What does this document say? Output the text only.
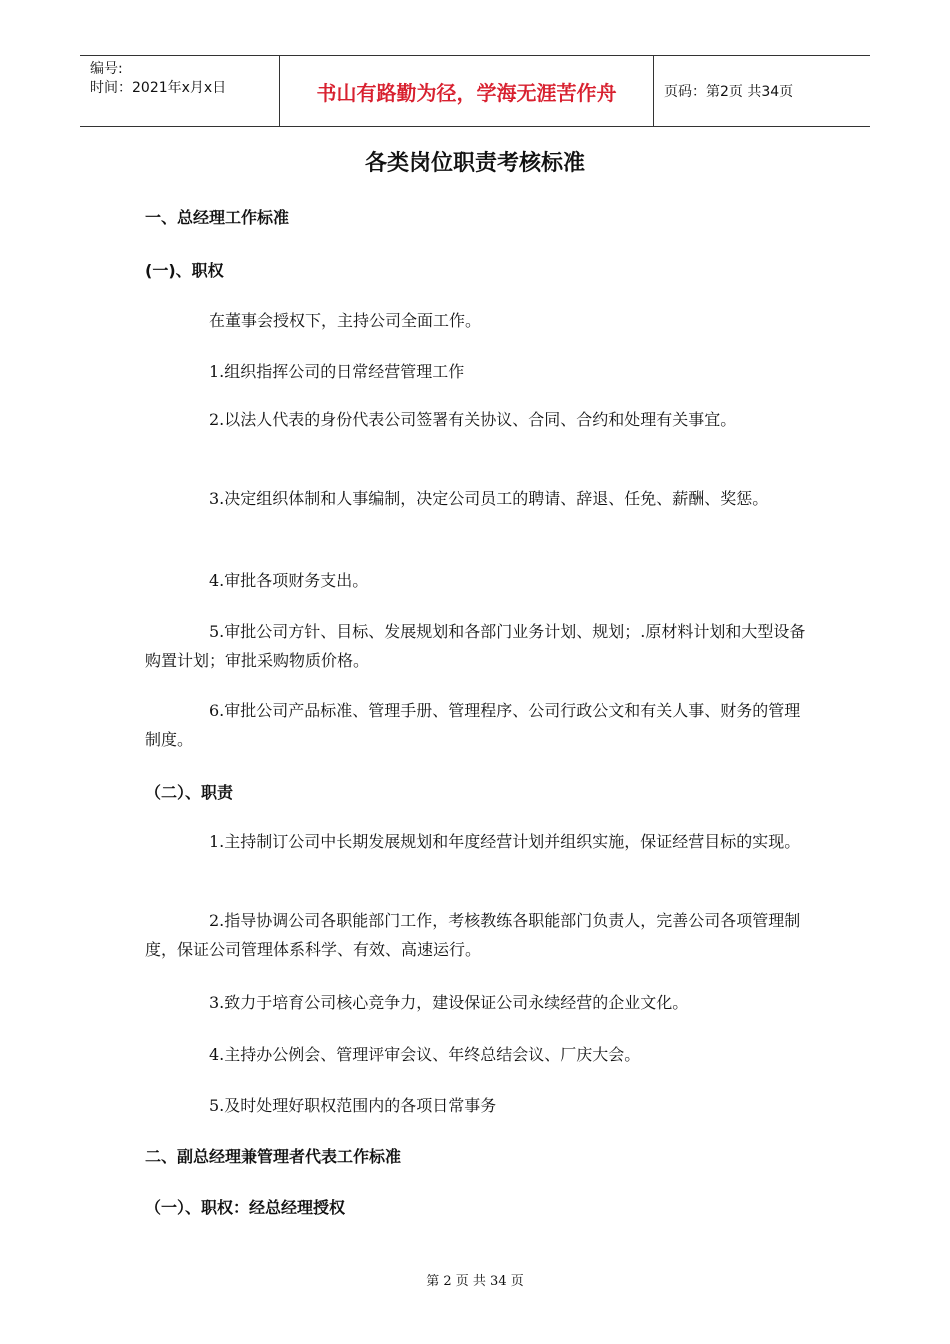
编号:
时间：2021年x月x日	书山有路勤为径，学海无涯苦作舟	页码：第2页 共34页
各类岗位职责考核标准
一、总经理工作标准
(一)、职权
在董事会授权下，主持公司全面工作。
1.组织指挥公司的日常经营管理工作
2.以法人代表的身份代表公司签署有关协议、合同、合约和处理有关事宜。
3.决定组织体制和人事编制，决定公司员工的聘请、辞退、任免、薪酬、奖惩。
4.审批各项财务支出。
5.审批公司方针、目标、发展规划和各部门业务计划、规划；.原材料计划和大型设备购置计划；审批采购物质价格。
6.审批公司产品标准、管理手册、管理程序、公司行政公文和有关人事、财务的管理制度。
（二）、职责
1.主持制订公司中长期发展规划和年度经营计划并组织实施，保证经营目标的实现。
2.指导协调公司各职能部门工作，考核教练各职能部门负责人，完善公司各项管理制度，保证公司管理体系科学、有效、高速运行。
3.致力于培育公司核心竞争力，建设保证公司永续经营的企业文化。
4.主持办公例会、管理评审会议、年终总结会议、厂庆大会。
5.及时处理好职权范围内的各项日常事务
二、副总经理兼管理者代表工作标准
（一）、职权：经总经理授权
第 2 页 共 34 页
